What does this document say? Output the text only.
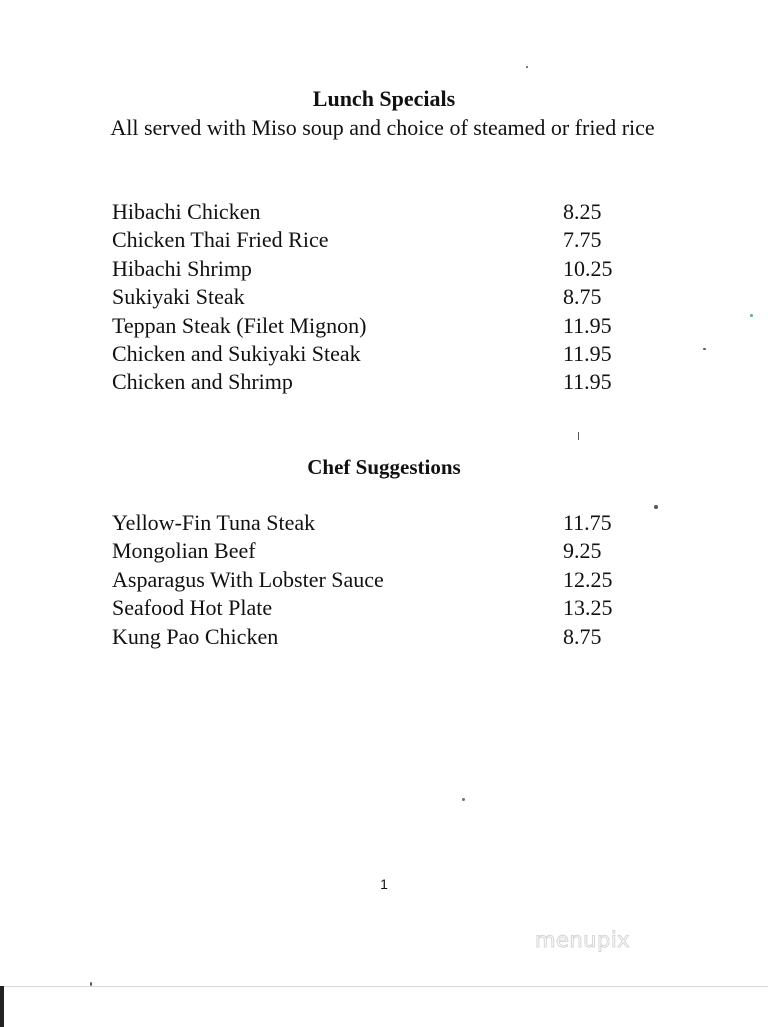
Lunch Specials

All served with Miso soup and choice of steamed or fried rice

Hibachi Chicken	8.25
Chicken Thai Fried Rice	7.75
Hibachi Shrimp	10.25
Sukiyaki Steak	8.75
Teppan Steak (Filet Mignon)	11.95
Chicken and Sukiyaki Steak	11.95
Chicken and Shrimp	11.95
Chef Suggestions
Yellow-Fin Tuna Steak	11.75
Mongolian Beef	9.25
Asparagus With Lobster Sauce	12.25
Seafood Hot Plate	13.25
Kung Pao Chicken	8.75
1
menupix
